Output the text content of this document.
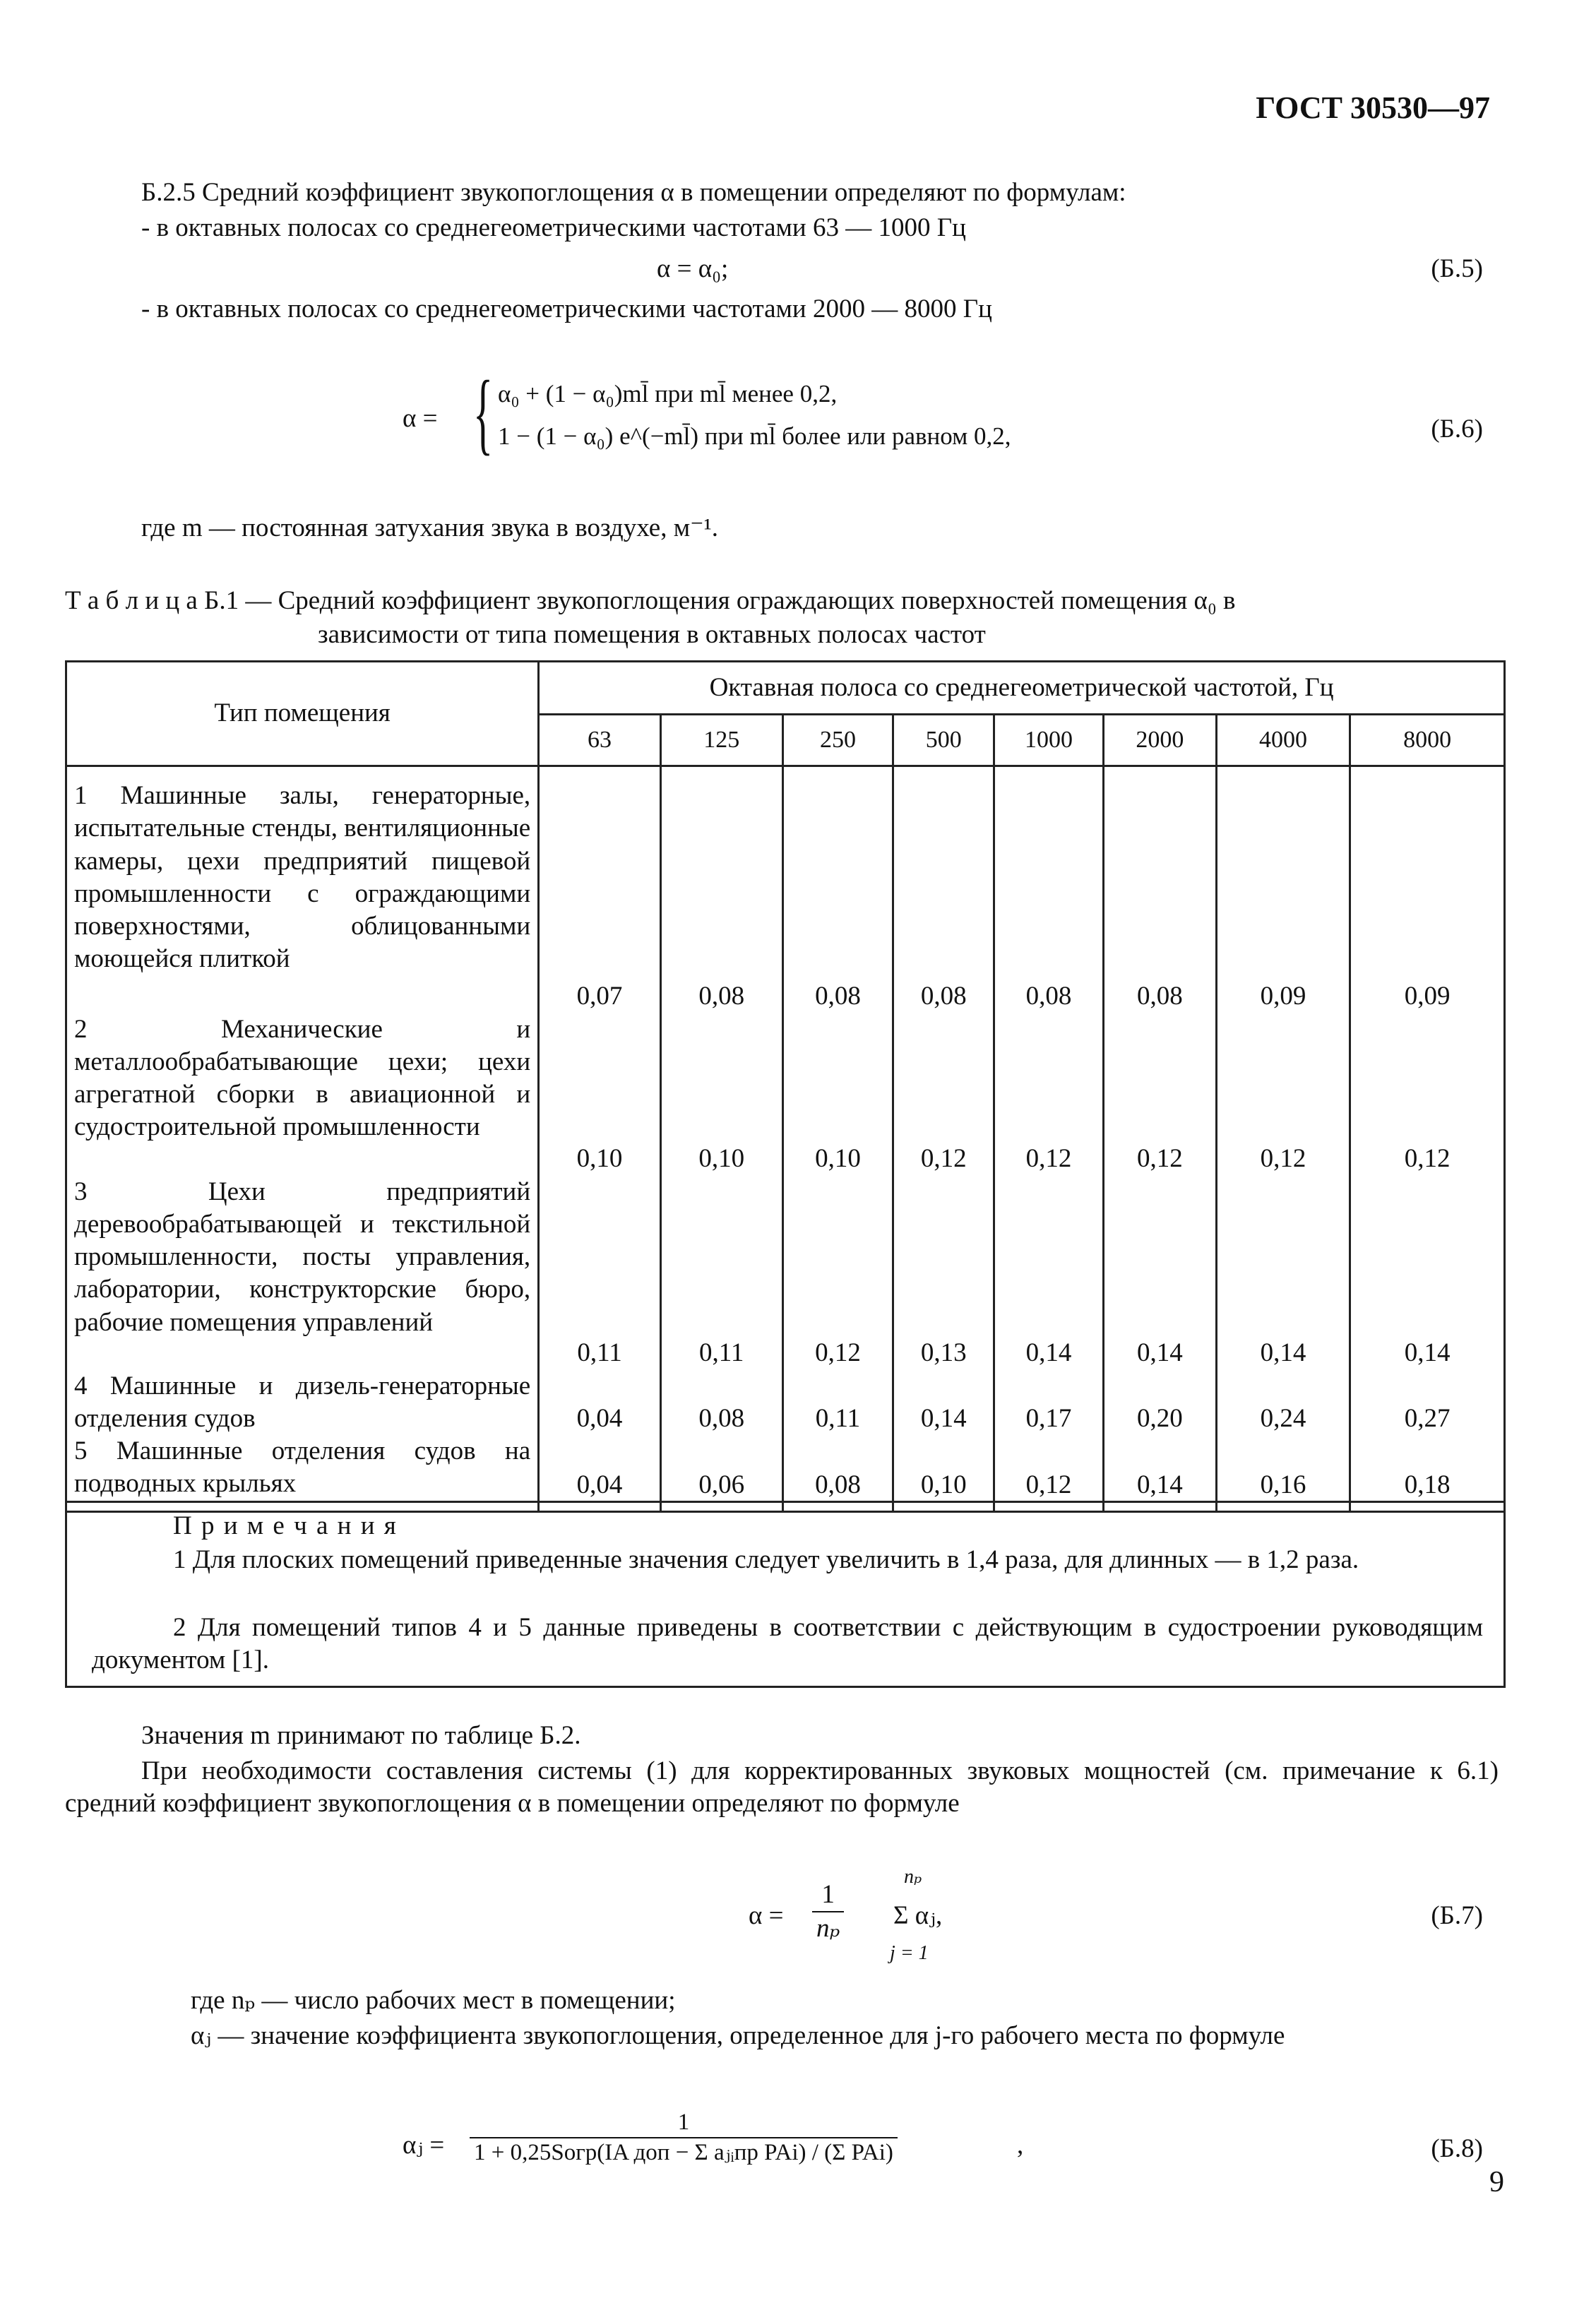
ГОСТ 30530—97
Б.2.5 Средний коэффициент звукопоглощения α в помещении определяют по формулам:
- в октавных полосах со среднегеометрическими частотами 63 — 1000 Гц
α = α₀;	(Б.5)
- в октавных полосах со среднегеометрическими частотами 2000 — 8000 Гц
α = { α₀ + (1 − α₀)ml̄ при ml̄ менее 0,2,
1 − (1 − α₀) e^(−ml̄) при ml̄ более или равном 0,2,	(Б.6)
где m — постоянная затухания звука в воздухе, м⁻¹.
Т а б л и ц а Б.1 — Средний коэффициент звукопоглощения ограждающих поверхностей помещения α₀ в
зависимости от типа помещения в октавных полосах частот
Тип помещения	Октавная полоса со среднегеометрической частотой, Гц							
	63	125	250	500	1000	2000	4000	8000

1 Машинные залы, генераторные, испытательные стенды, вентиляционные камеры, цехи предприятий пищевой промышленности с ограждающими поверхностями, облицованными моющейся плиткой	0,07	0,08	0,08	0,08	0,08	0,08	0,09	0,09

2 Механические и металлообрабатывающие цехи; цехи агрегатной сборки в авиационной и судостроительной промышленности	0,10	0,10	0,10	0,12	0,12	0,12	0,12	0,12

3 Цехи предприятий деревообрабатывающей и текстильной промышленности, посты управления, лаборатории, конструкторские бюро, рабочие помещения управлений	0,11	0,11	0,12	0,13	0,14	0,14	0,14	0,14

4 Машинные и дизель-генераторные отделения судов	0,04	0,08	0,11	0,14	0,17	0,20	0,24	0,27

5 Машинные отделения судов на подводных крыльях	0,04	0,06	0,08	0,10	0,12	0,14	0,16	0,18
П р и м е ч а н и я
1 Для плоских помещений приведенные значения следует увеличить в 1,4 раза, для длинных — в 1,2 раза.
2 Для помещений типов 4 и 5 данные приведены в соответствии с действующим в судостроении руководящим документом [1].
Значения m принимают по таблице Б.2.
При необходимости составления системы (1) для корректированных звуковых мощностей (см. примечание к 6.1) средний коэффициент звукопоглощения α в помещении определяют по формуле
$\alpha = \frac{1}{\text{nₚ}}$
nₚ
Σ αⱼ,
j = 1
(Б.7)
где nₚ — число рабочих мест в помещении;
αⱼ — значение коэффициента звукопоглощения, определенное для j-го рабочего места по формуле
αⱼ =
1
1 + 0,25Sогр(IA доп − Σ aⱼᵢпр PAi) / (Σ PAi)	,	(Б.8)
9
